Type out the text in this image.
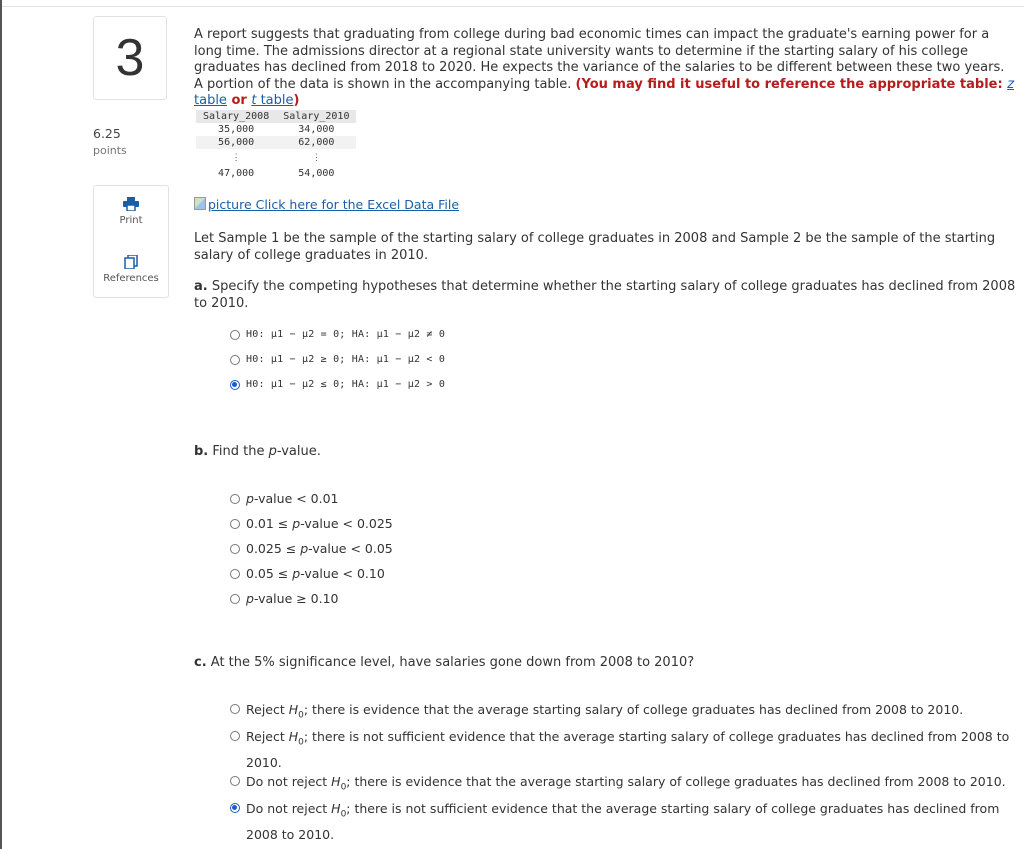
3
6.25
points
Print
References
A report suggests that graduating from college during bad economic times can impact the graduate's earning power for a long time. The admissions director at a regional state university wants to determine if the starting salary of his college graduates has declined from 2018 to 2020. He expects the variance of the salaries to be different between these two years. A portion of the data is shown in the accompanying table. (You may find it useful to reference the appropriate table: z table or t table)
Salary_2008	Salary_2010
35,000	34,000
56,000	62,000
⋮	⋮
47,000	54,000
picture Click here for the Excel Data File
Let Sample 1 be the sample of the starting salary of college graduates in 2008 and Sample 2 be the sample of the starting salary of college graduates in 2010.
a. Specify the competing hypotheses that determine whether the starting salary of college graduates has declined from 2008 to 2010.
H0: μ1 − μ2 = 0; HA: μ1 − μ2 ≠ 0
H0: μ1 − μ2 ≥ 0; HA: μ1 − μ2 < 0
H0: μ1 − μ2 ≤ 0; HA: μ1 − μ2 > 0
b. Find the p-value.
p-value < 0.01
0.01 ≤ p-value < 0.025
0.025 ≤ p-value < 0.05
0.05 ≤ p-value < 0.10
p-value ≥ 0.10
c. At the 5% significance level, have salaries gone down from 2008 to 2010?
Reject $H_0$; there is evidence that the average starting salary of college graduates has declined from 2008 to 2010.
Reject $H_0$; there is not sufficient evidence that the average starting salary of college graduates has declined from 2008 to 2010.
Do not reject $H_0$; there is evidence that the average starting salary of college graduates has declined from 2008 to 2010.
Do not reject $H_0$; there is not sufficient evidence that the average starting salary of college graduates has declined from 2008 to 2010.
